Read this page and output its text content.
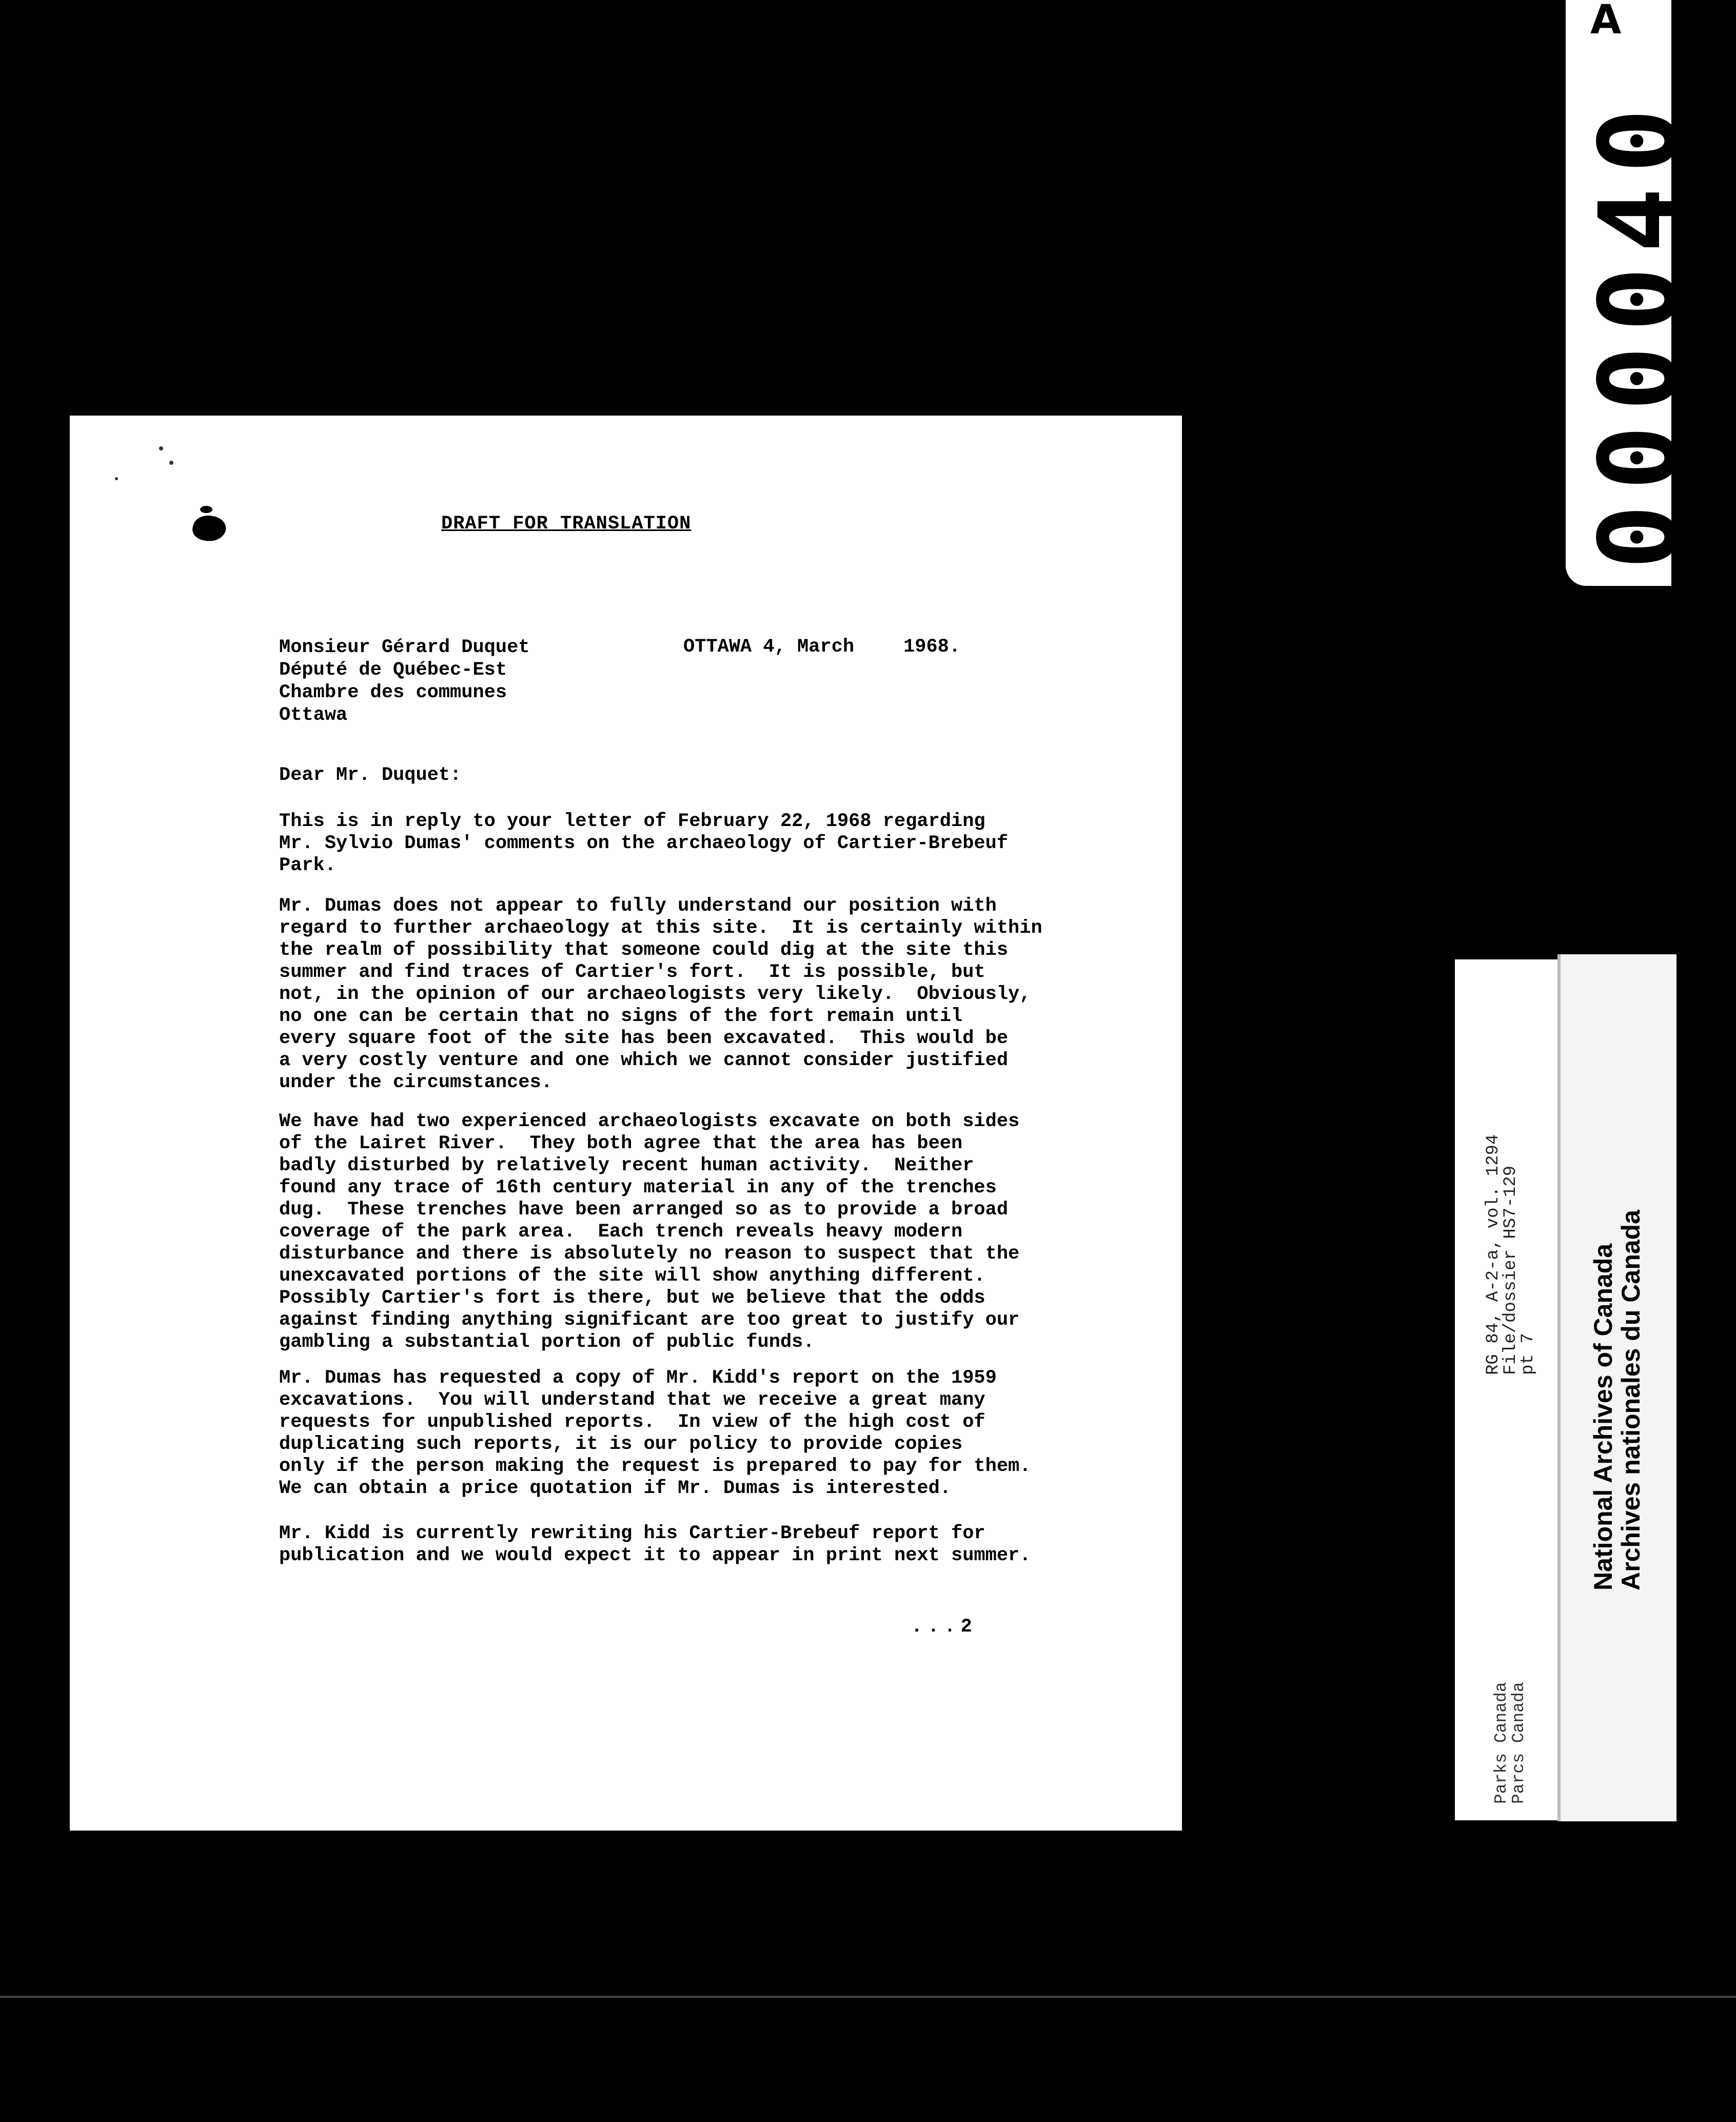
DRAFT FOR TRANSLATION
Monsieur Gérard Duquet
Député de Québec-Est
Chambre des communes
Ottawa
OTTAWA 4, March	1968.
Dear Mr. Duquet:
This is in reply to your letter of February 22, 1968 regarding
Mr. Sylvio Dumas' comments on the archaeology of Cartier-Brebeuf
Park.
Mr. Dumas does not appear to fully understand our position with
regard to further archaeology at this site.  It is certainly within
the realm of possibility that someone could dig at the site this
summer and find traces of Cartier's fort.  It is possible, but
not, in the opinion of our archaeologists very likely.  Obviously,
no one can be certain that no signs of the fort remain until
every square foot of the site has been excavated.  This would be
a very costly venture and one which we cannot consider justified
under the circumstances.
We have had two experienced archaeologists excavate on both sides
of the Lairet River.  They both agree that the area has been
badly disturbed by relatively recent human activity.  Neither
found any trace of 16th century material in any of the trenches
dug.  These trenches have been arranged so as to provide a broad
coverage of the park area.  Each trench reveals heavy modern
disturbance and there is absolutely no reason to suspect that the
unexcavated portions of the site will show anything different.
Possibly Cartier's fort is there, but we believe that the odds
against finding anything significant are too great to justify our
gambling a substantial portion of public funds.
Mr. Dumas has requested a copy of Mr. Kidd's report on the 1959
excavations.  You will understand that we receive a great many
requests for unpublished reports.  In view of the high cost of
duplicating such reports, it is our policy to provide copies
only if the person making the request is prepared to pay for them.
We can obtain a price quotation if Mr. Dumas is interested.
Mr. Kidd is currently rewriting his Cartier-Brebeuf report for
publication and we would expect it to appear in print next summer.
...2
000040
A
RG 84, A-2-a, vol. 1294
File/dossier HS7-129
pt 7 National Archives of Canada
Archives nationales du Canada
Parks Canada
Parcs Canada
